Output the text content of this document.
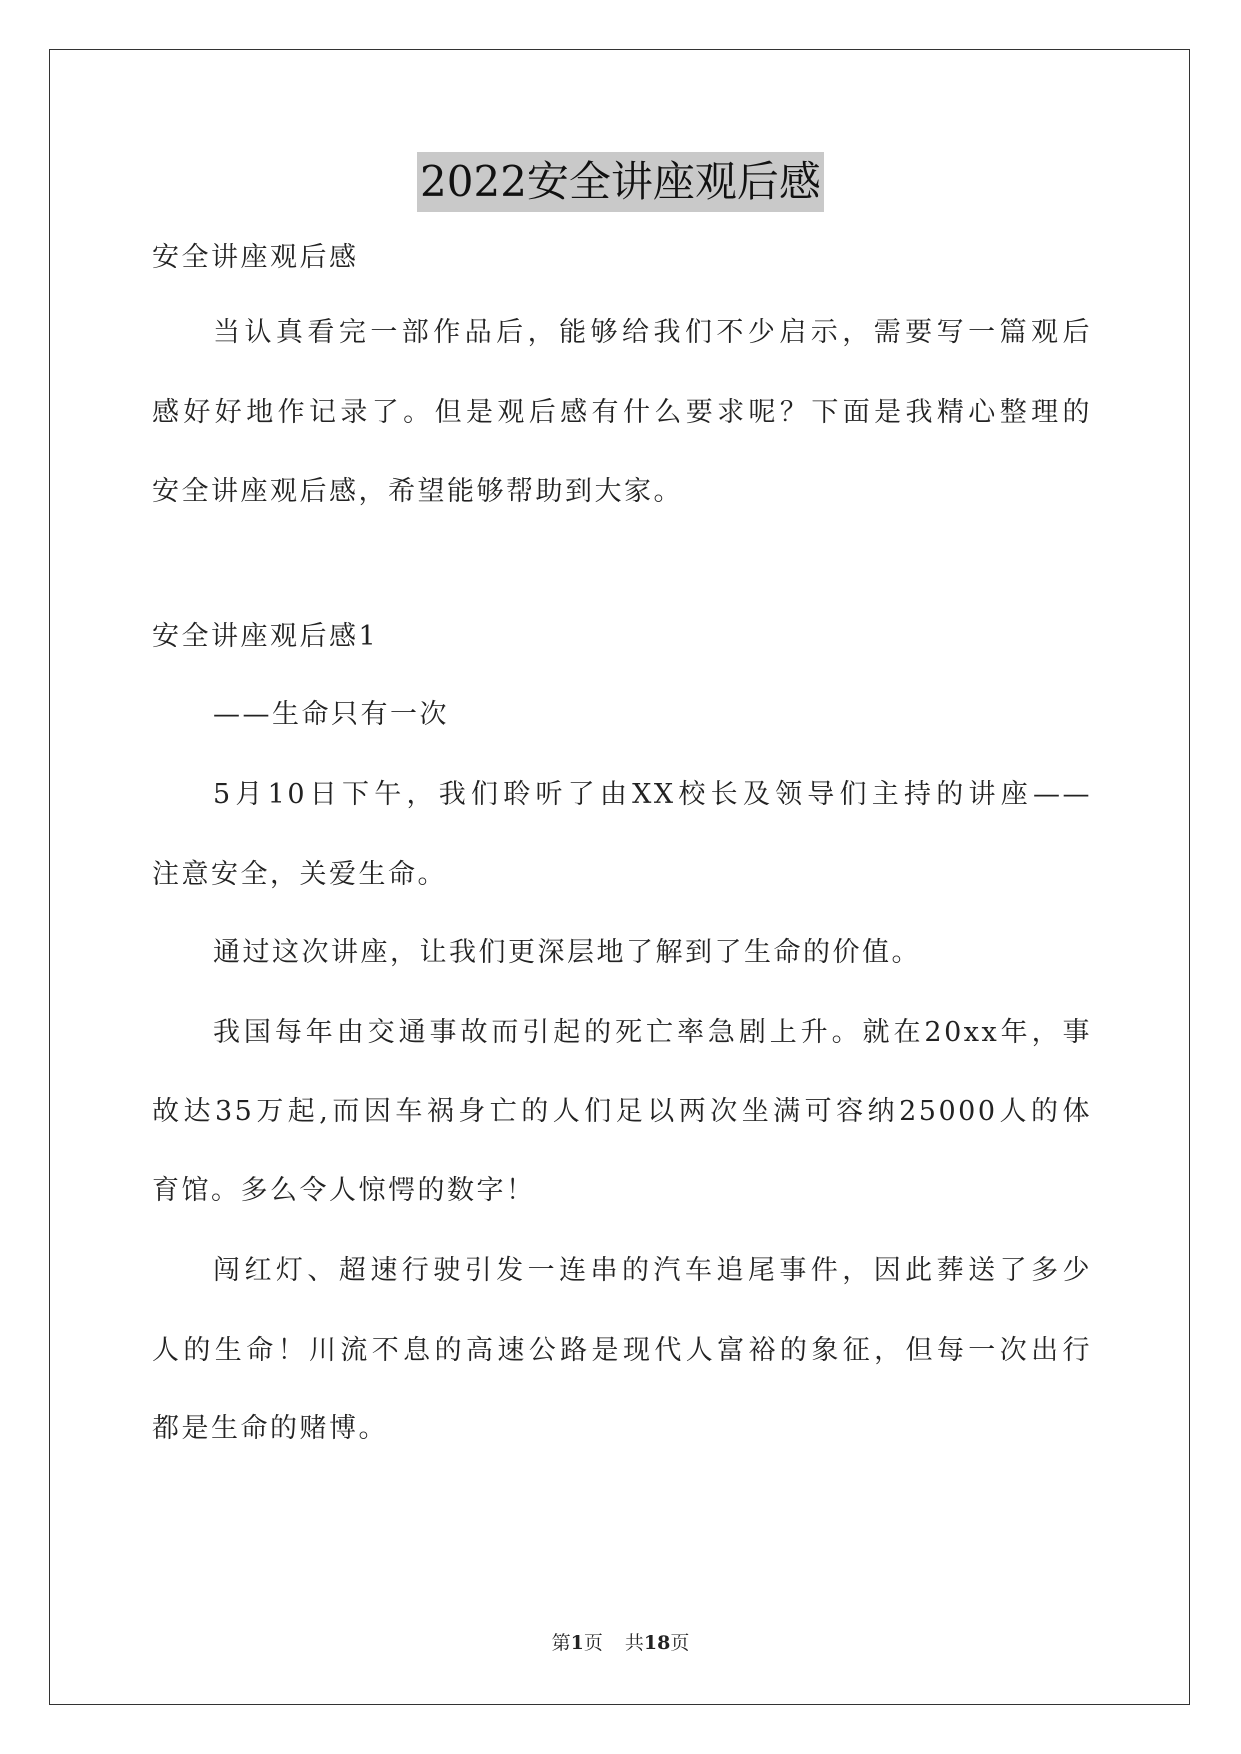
2022安全讲座观后感
安全讲座观后感
当认真看完一部作品后，能够给我们不少启示，需要写一篇观后
感好好地作记录了。但是观后感有什么要求呢？下面是我精心整理的
安全讲座观后感，希望能够帮助到大家。
安全讲座观后感1
——生命只有一次
5月10日下午，我们聆听了由XX校长及领导们主持的讲座——
注意安全，关爱生命。
通过这次讲座，让我们更深层地了解到了生命的价值。
我国每年由交通事故而引起的死亡率急剧上升。就在20xx年，事
故达35万起,而因车祸身亡的人们足以两次坐满可容纳25000人的体
育馆。多么令人惊愕的数字！
闯红灯、超速行驶引发一连串的汽车追尾事件，因此葬送了多少
人的生命！川流不息的高速公路是现代人富裕的象征，但每一次出行
都是生命的赌博。
第1页 共18页
